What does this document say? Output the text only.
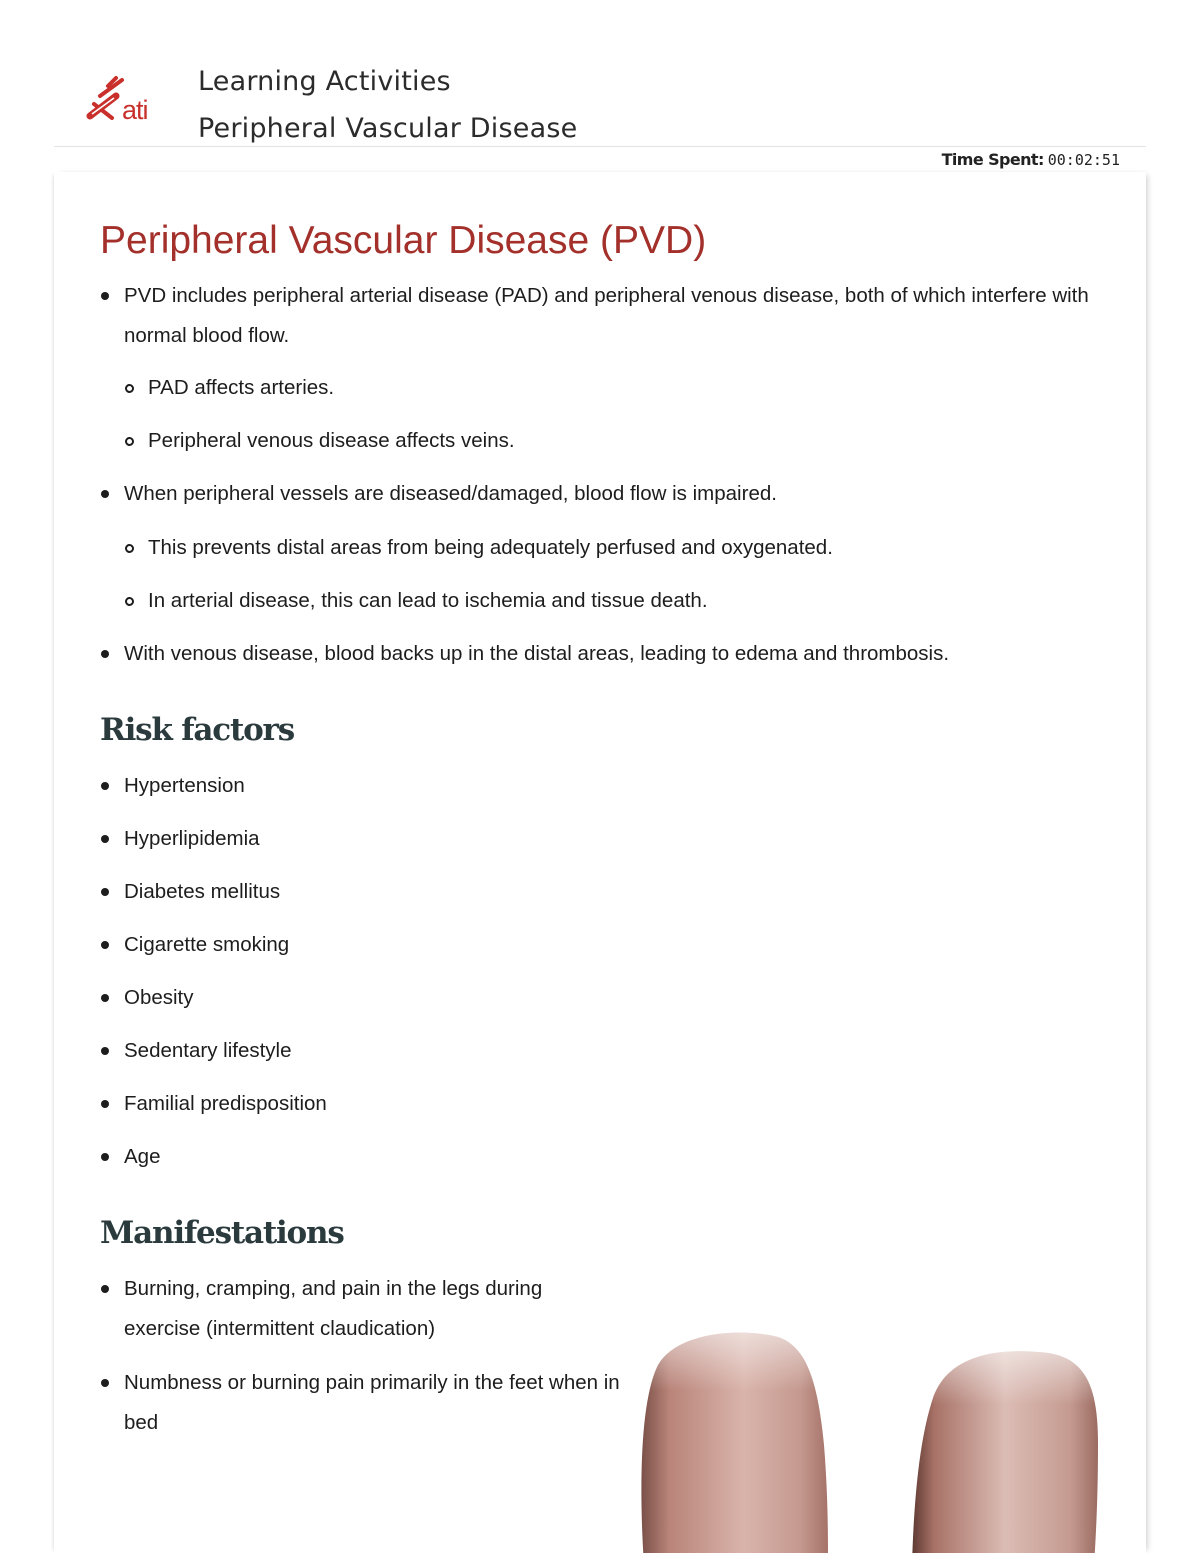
ati
Learning Activities
Peripheral Vascular Disease
Time Spent: 00:02:51
Peripheral Vascular Disease (PVD)
PVD includes peripheral arterial disease (PAD) and peripheral venous disease, both of which interfere with normal blood flow.
PAD affects arteries.
Peripheral venous disease affects veins.
When peripheral vessels are diseased/damaged, blood flow is impaired.
This prevents distal areas from being adequately perfused and oxygenated.
In arterial disease, this can lead to ischemia and tissue death.
With venous disease, blood backs up in the distal areas, leading to edema and thrombosis.
Risk factors
Hypertension
Hyperlipidemia
Diabetes mellitus
Cigarette smoking
Obesity
Sedentary lifestyle
Familial predisposition
Age
Manifestations
Burning, cramping, and pain in the legs during exercise (intermittent claudication)
Numbness or burning pain primarily in the feet when in bed
